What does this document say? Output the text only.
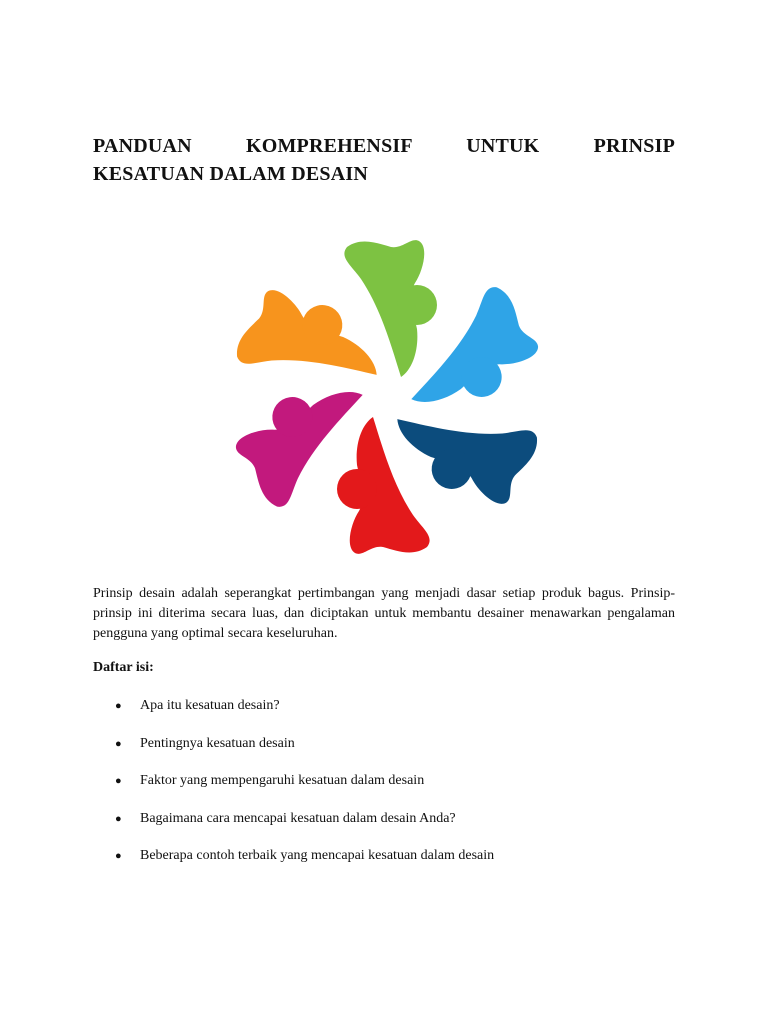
PANDUAN KOMPREHENSIF UNTUK PRINSIP
KESATUAN DALAM DESAIN

Prinsip desain adalah seperangkat pertimbangan yang menjadi dasar setiap produk bagus. Prinsip-prinsip ini diterima secara luas, dan diciptakan untuk membantu desainer menawarkan pengalaman pengguna yang optimal secara keseluruhan.

Daftar isi:

● Apa itu kesatuan desain?
● Pentingnya kesatuan desain
● Faktor yang mempengaruhi kesatuan dalam desain
● Bagaimana cara mencapai kesatuan dalam desain Anda?
● Beberapa contoh terbaik yang mencapai kesatuan dalam desain
